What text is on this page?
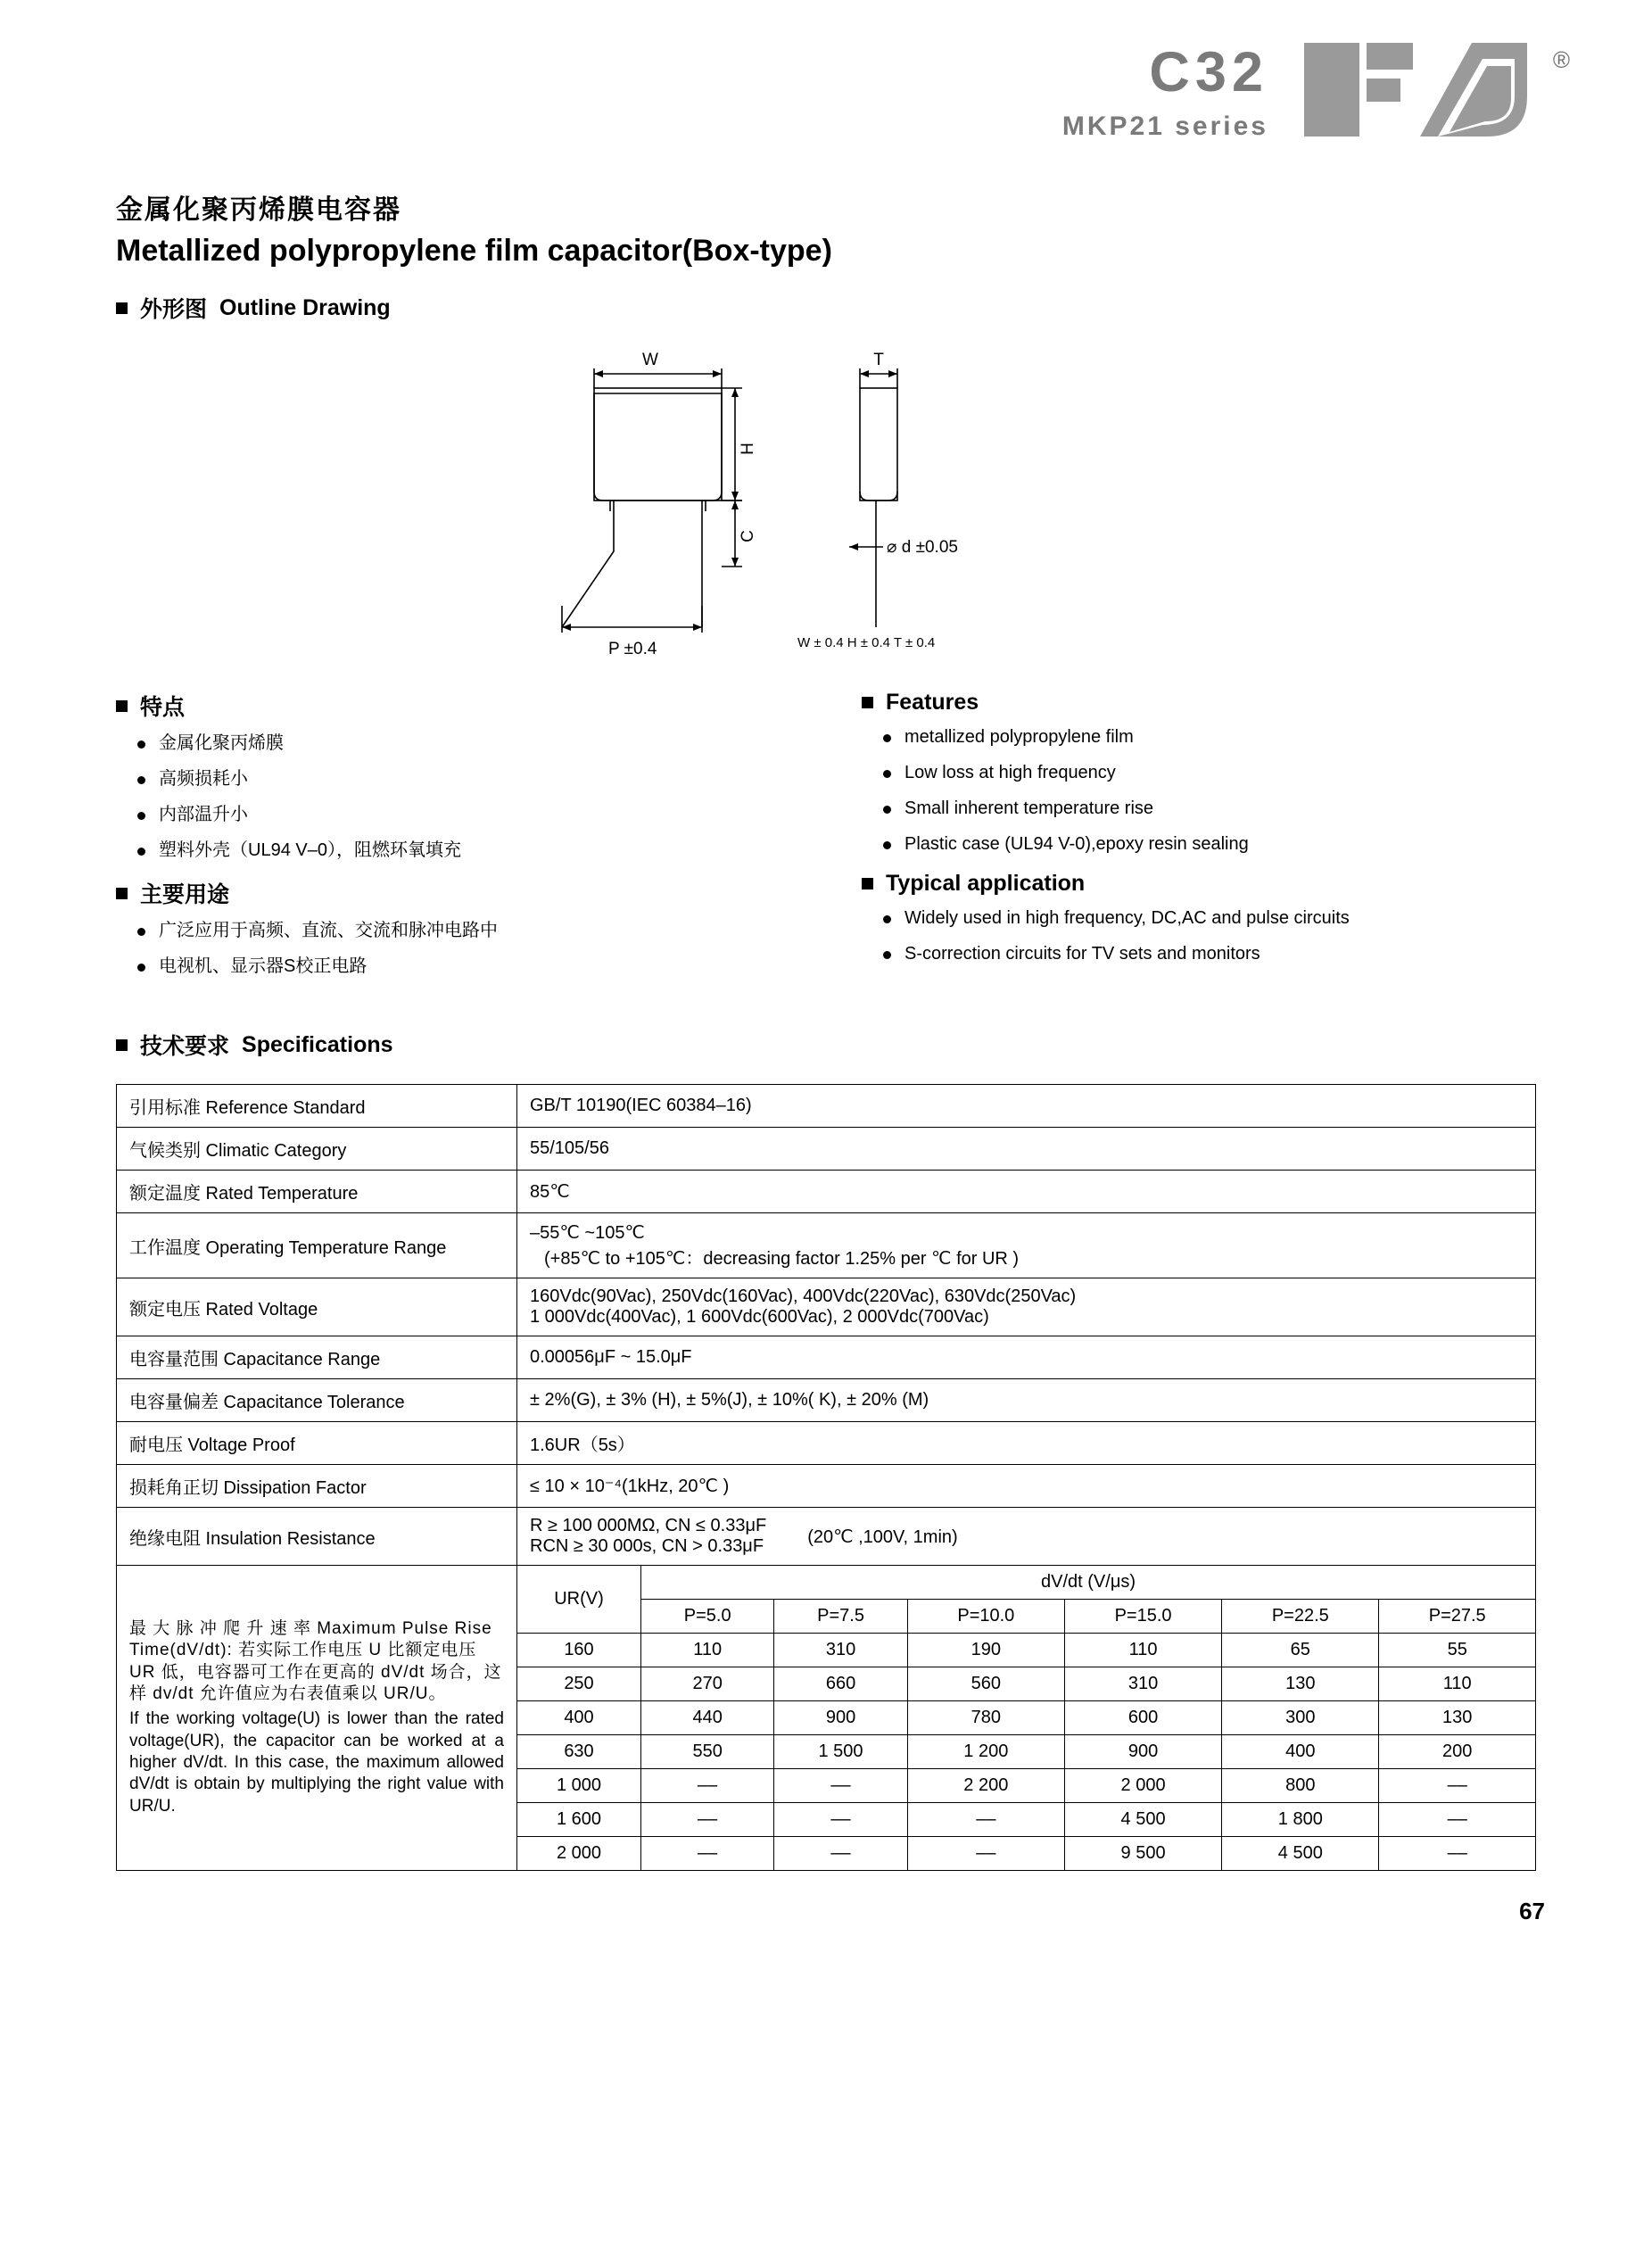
C32
MKP21 series
®
金属化聚丙烯膜电容器
Metallized polypropylene film capacitor(Box-type)
外形图 Outline Drawing
W	T
H
C
P ±0.4
⌀ d ±0.05
W ± 0.4 H ± 0.4 T ± 0.4
特点
金属化聚丙烯膜
高频损耗小
内部温升小
塑料外壳（UL94 V–0），阻燃环氧填充
主要用途
广泛应用于高频、直流、交流和脉冲电路中
电视机、显示器S校正电路
Features
metallized polypropylene film
Low loss at high frequency
Small inherent temperature rise
Plastic case (UL94 V-0),epoxy resin sealing
Typical application
Widely used in high frequency, DC,AC and pulse circuits
S-correction circuits for TV sets and monitors
技术要求 Specifications
引用标准 Reference Standard	GB/T 10190(IEC 60384–16)
气候类别 Climatic Category	55/105/56
额定温度 Rated Temperature	85℃
工作温度 Operating Temperature Range	
–55℃ ~105℃
(+85℃ to +105℃：decreasing factor 1.25% per ℃ for UR )

额定电压 Rated Voltage	
160Vdc(90Vac), 250Vdc(160Vac), 400Vdc(220Vac), 630Vdc(250Vac)
1 000Vdc(400Vac), 1 600Vdc(600Vac), 2 000Vdc(700Vac)

电容量范围 Capacitance Range	0.00056μF ~ 15.0μF
电容量偏差 Capacitance Tolerance	± 2%(G), ± 3% (H), ± 5%(J), ± 10%( K), ± 20% (M)
耐电压 Voltage Proof	1.6UR（5s）
损耗角正切 Dissipation Factor	≤ 10 × 10⁻⁴(1kHz, 20℃ )
绝缘电阻 Insulation Resistance	
R ≥ 100 000MΩ, CN ≤ 0.33μF
RCN ≥ 30 000s, CN > 0.33μF	(20℃ ,100V, 1min)

最 大 脉 冲 爬 升 速 率 Maximum Pulse Rise Time(dV/dt): 若实际工作电压 U 比额定电压 UR 低，电容器可工作在更高的 dV/dt 场合，这样 dv/dt 允许值应为右表值乘以 UR/U。
If the working voltage(U) is lower than the rated voltage(UR), the capacitor can be worked at a higher dV/dt. In this case, the maximum allowed dV/dt is obtain by multiplying the right value with UR/U.

UR(V)	dV/dt (V/μs)
P=5.0	P=7.5	P=10.0	P=15.0	P=22.5	P=27.5
160	110	310	190	110	65	55
250	270	660	560	310	130	110
400	440	900	780	600	300	130
630	550	1 500	1 200	900	400	200
1 000	––	––	2 200	2 000	800	––
1 600	––	––	––	4 500	1 800	––
2 000	––	––	––	9 500	4 500	––
67
